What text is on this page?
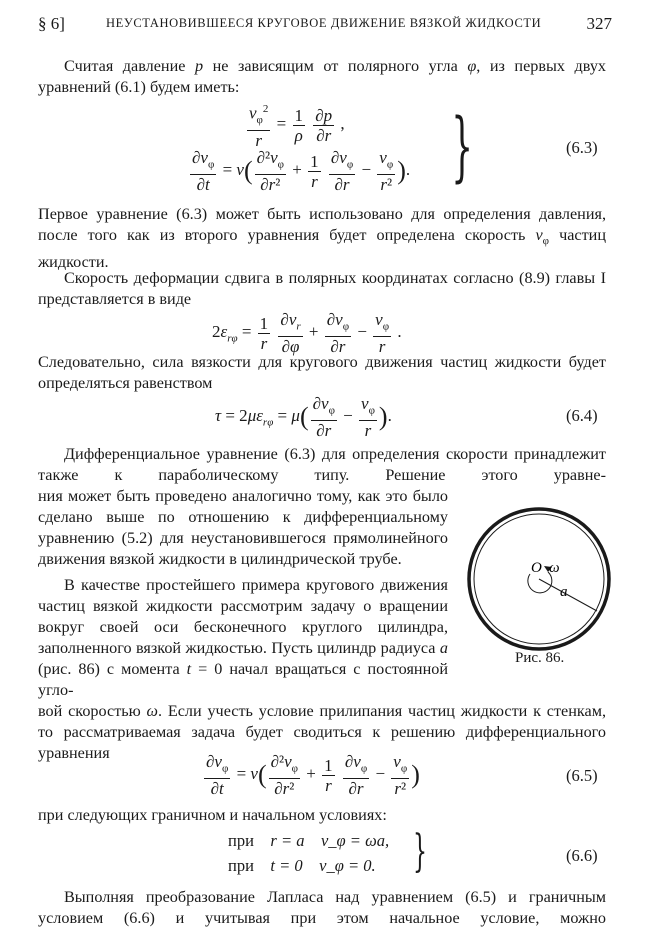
§ 6]	НЕУСТАНОВИВШЕЕСЯ КРУГОВОЕ ДВИЖЕНИЕ ВЯЗКОЙ ЖИДКОСТИ	327
Считая давление p не зависящим от полярного угла φ, из первых двух уравнений (6.1) будем иметь:
$\frac{v_\varphi^2}{r} = \frac{1}{\rho}$
$\frac{\partial p}{\partial r}$ ,
$\frac{\partial v_\varphi}{\partial t} = \nu( \frac{\partial^2v_\varphi}{\text{∂r²}} + \frac{1}{r}$
$\frac{\partial v_\varphi}{\partial r} - \frac{v_\varphi}{\text{r²}}$ ). }	(6.3)
Первое уравнение (6.3) может быть использовано для определения давления, после того как из второго уравнения будет определена скорость $v_\varphi$ частиц жидкости.
Скорость деформации сдвига в полярных координатах согласно (8.9) главы I представляется в виде
$2\varepsilon_{r\varphi} = \frac{1}{r}$
$\frac{\partial v_r}{\partial\varphi} + \frac{\partial v_\varphi}{\partial r} - \frac{v_\varphi}{r}$ .
Следовательно, сила вязкости для кругового движения частиц жидкости будет определяться равенством
$\tau = 2\mu\varepsilon_{r\varphi} = \mu( \frac{\partial v_\varphi}{\partial r} - \frac{v_\varphi}{r}$ ).	(6.4)
Дифференциальное уравнение (6.3) для определения скорости принадлежит также к параболическому типу. Решение этого уравне-
ния может быть проведено аналогично тому, как это было сделано выше по отношению к дифференциальному уравнению (5.2) для неустановившегося прямолинейного движения вязкой жидкости в цилиндрической трубе.
В качестве простейшего примера кругового движения частиц вязкой жидкости рассмотрим задачу о вращении вокруг своей оси бесконечного круглого цилиндра, заполненного вязкой жидкостью. Пусть цилиндр радиуса a (рис. 86) с момента t = 0 начал вращаться с постоянной угло-
вой скоростью ω. Если учесть условие прилипания частиц жидкости к стенкам, то рассматриваемая задача будет сводиться к решению дифференциального уравнения
O ω
a
Рис. 86.
$\frac{\partial v_\varphi}{\partial t} = \nu( \frac{\partial^2v_\varphi}{\text{∂r²}} + \frac{1}{r}$
$\frac{\partial v_\varphi}{\partial r} - \frac{v_\varphi}{\text{r²}}$ )	(6.5)
при следующих граничном и начальном условиях:
при r = a v_φ = ωa,
при t = 0 v_φ = 0. }	(6.6)
Выполняя преобразование Лапласа над уравнением (6.5) и граничным условием (6.6) и учитывая при этом начальное условие, можно
